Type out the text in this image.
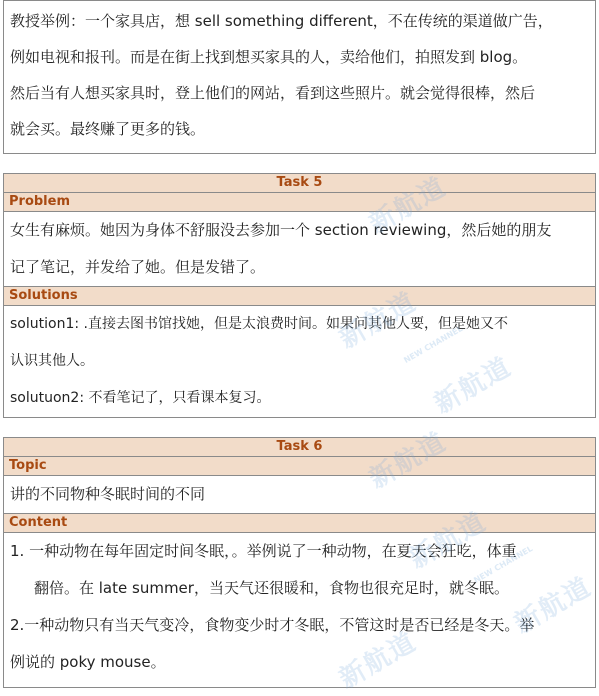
教授举例：一个家具店，想 sell something different，不在传统的渠道做广告，

例如电视和报刊。而是在街上找到想买家具的人，卖给他们，拍照发到 blog。

然后当有人想买家具时，登上他们的网站，看到这些照片。就会觉得很棒，然后

就会买。最终赚了更多的钱。

Task 5
Problem
女生有麻烦。她因为身体不舒服没去参加一个 section reviewing，然后她的朋友
记了笔记，并发给了她。但是发错了。
Solutions
solution1: .直接去图书馆找她，但是太浪费时间。如果问其他人要，但是她又不
认识其他人。
solutuon2: 不看笔记了，只看课本复习。
Task 6
Topic
讲的不同物种冬眠时间的不同
Content
1. 一种动物在每年固定时间冬眠，。举例说了一种动物，在夏天会狂吃，体重
翻倍。在 late summer，当天气还很暖和，食物也很充足时，就冬眠。
2.一种动物只有当天气变冷，食物变少时才冬眠，不管这时是否已经是冬天。举
例说的 poky mouse。
新航道
新航道
NEW CHANNEL
新航道
新航道
新航道
NEW CHANNEL
新航道
新航道
